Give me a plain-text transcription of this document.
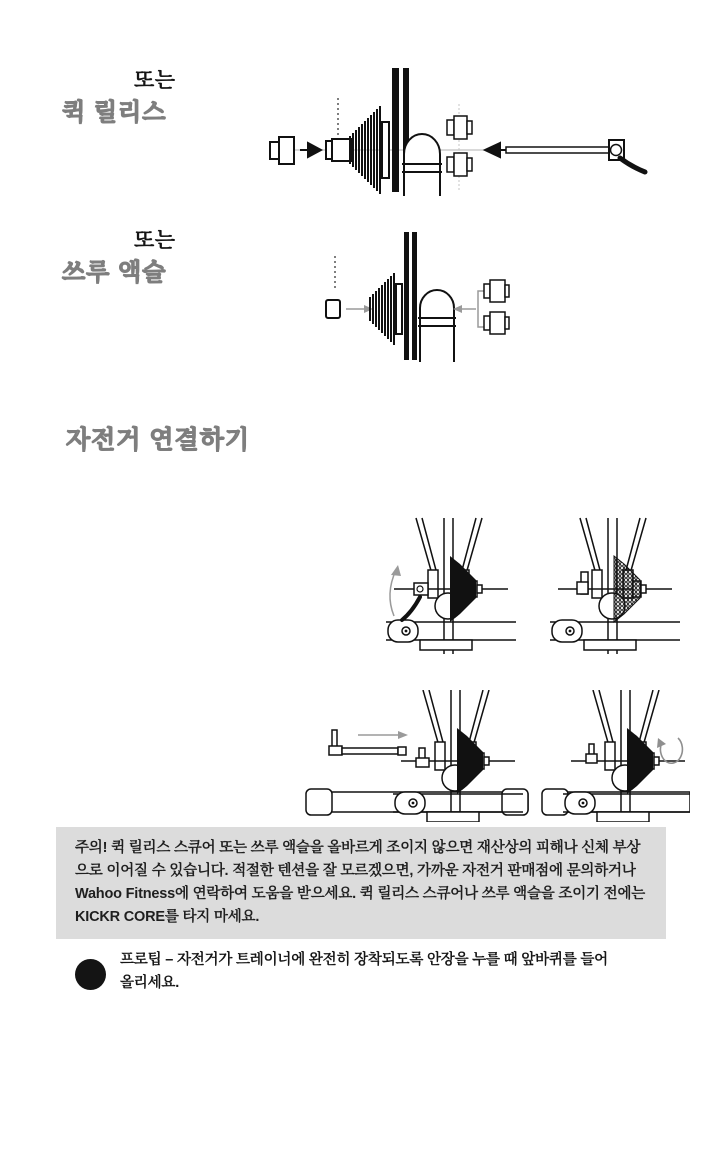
또는
퀵 릴리스
또는
쓰루 액슬
자전거 연결하기

주의! 퀵 릴리스 스큐어 또는 쓰루 액슬을 올바르게 조이지 않으면 재산상의 피해나 신체 부상으로 이어질 수 있습니다. 적절한 텐션을 잘 모르겠으면, 가까운 자전거 판매점에 문의하거나 Wahoo Fitness에 연락하여 도움을 받으세요. 퀵 릴리스 스큐어나 쓰루 액슬을 조이기 전에는 KICKR CORE를 타지 마세요.

프로팁 – 자전거가 트레이너에 완전히 장착되도록 안장을 누를 때 앞바퀴를 들어올리세요.
